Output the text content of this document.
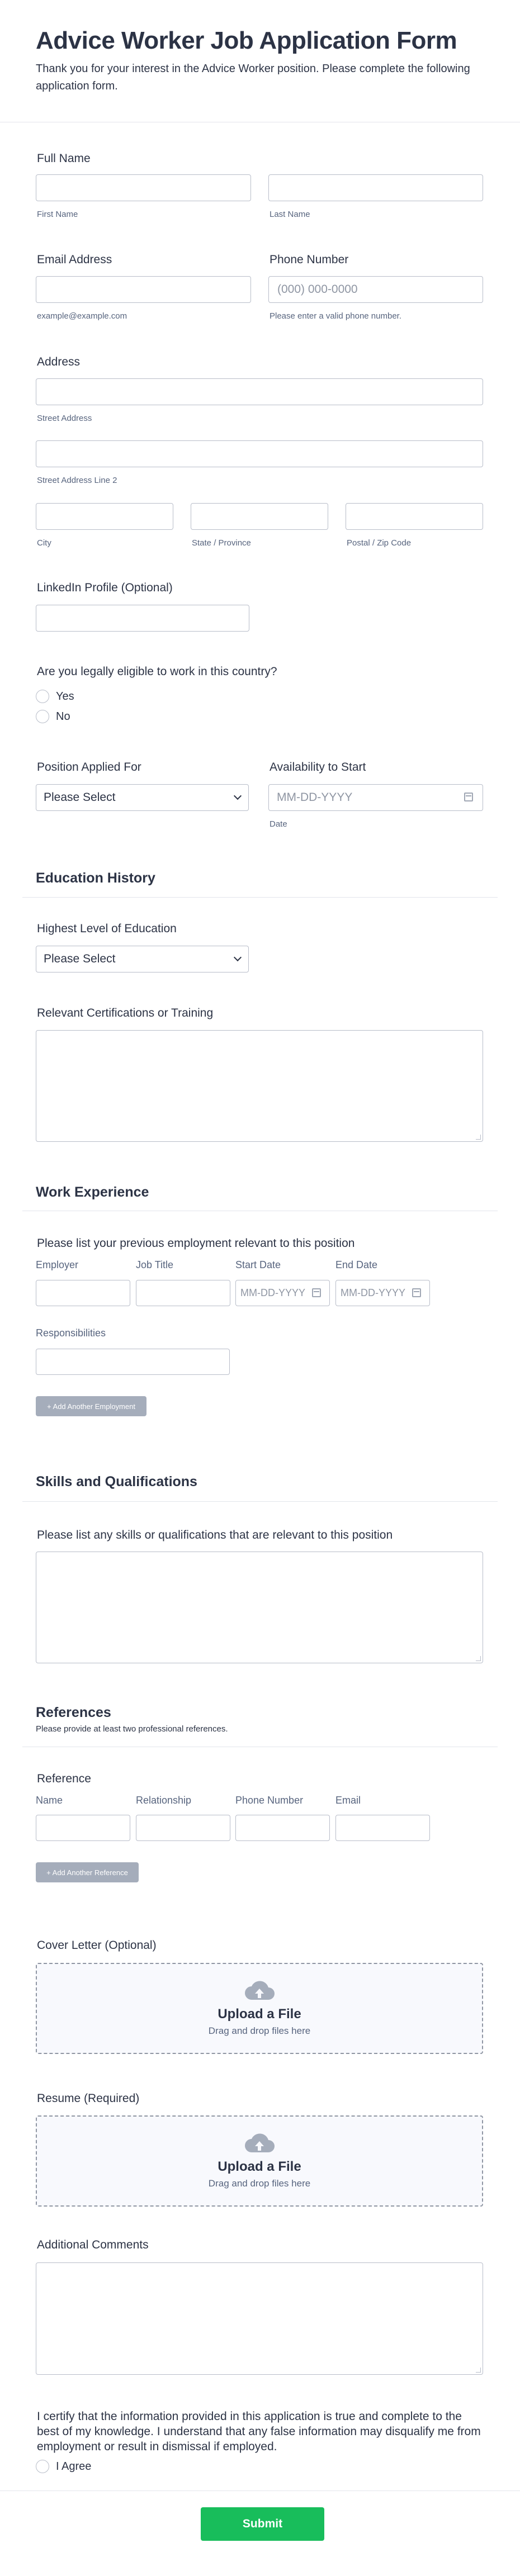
Advice Worker Job Application Form
Thank you for your interest in the Advice Worker position. Please complete the following application form.
Full Name
First Name	Last Name
Email Address
example@example.com
Phone Number
(000) 000-0000
Please enter a valid phone number.
Address
Street Address
Street Address Line 2
City	State / Province	Postal / Zip Code
LinkedIn Profile (Optional)
Are you legally eligible to work in this country?
Yes
No
Position Applied For
Please Select
Availability to Start
MM-DD-YYYY
Date
Education History
Highest Level of Education
Please Select
Relevant Certifications or Training
Work Experience
Please list your previous employment relevant to this position
Employer	Job Title	Start Date	End Date
MM-DD-YYYY	MM-DD-YYYY
Responsibilities
+ Add Another Employment
Skills and Qualifications
Please list any skills or qualifications that are relevant to this position
References
Please provide at least two professional references.
Reference
Name	Relationship	Phone Number	Email
+ Add Another Reference
Cover Letter (Optional)
Upload a File
Drag and drop files here
Resume (Required)
Upload a File
Drag and drop files here
Additional Comments
I certify that the information provided in this application is true and complete to the best of my knowledge. I understand that any false information may disqualify me from employment or result in dismissal if employed.
I Agree
Submit
